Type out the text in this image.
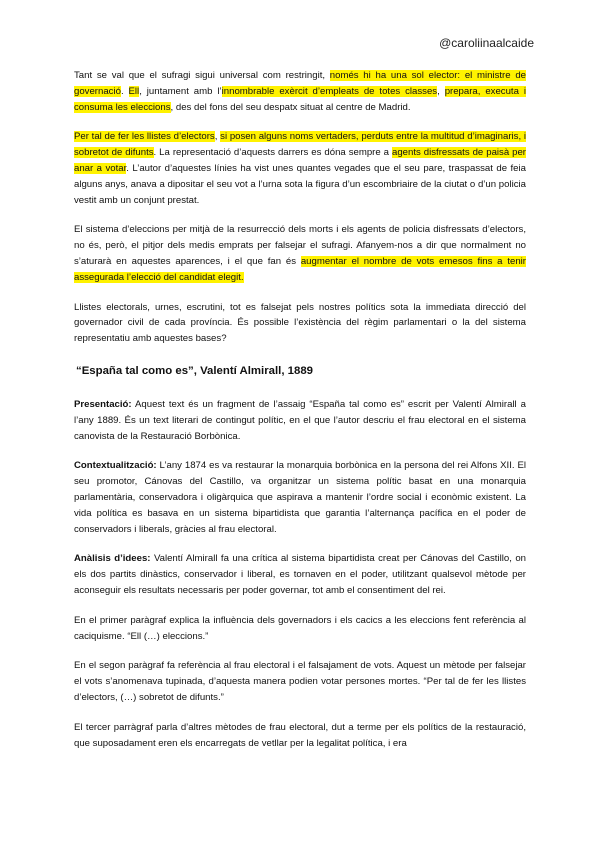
@caroliinaalcaide

Tant se val que el sufragi sigui universal com restringit, només hi ha una sol elector: el ministre de governació. Ell, juntament amb l’innombrable exèrcit d’empleats de totes classes, prepara, executa i consuma les eleccions, des del fons del seu despatx situat al centre de Madrid.

Per tal de fer les llistes d’electors, si posen alguns noms vertaders, perduts entre la multitud d’imaginaris, i sobretot de difunts. La representació d’aquests darrers es dóna sempre a agents disfressats de paisà per anar a votar. L’autor d’aquestes línies ha vist unes quantes vegades que el seu pare, traspassat de feia alguns anys, anava a dipositar el seu vot a l’urna sota la figura d’un escombriaire de la ciutat o d’un policia vestit amb un conjunt prestat.

El sistema d’eleccions per mitjà de la resurrecció dels morts i els agents de policia disfressats d’electors, no és, però, el pitjor dels medis emprats per falsejar el sufragi. Afanyem-nos a dir que normalment no s’aturarà en aquestes aparences, i el que fan és augmentar el nombre de vots emesos fins a tenir assegurada l’elecció del candidat elegit.

Llistes electorals, urnes, escrutini, tot es falsejat pels nostres polítics sota la immediata direcció del governador civil de cada província. És possible l’existència del règim parlamentari o la del sistema representatiu amb aquestes bases?

“España tal como es”, Valentí Almirall, 1889

Presentació: Aquest text és un fragment de l’assaig “España tal como es” escrit per Valentí Almirall a l’any 1889. És un text literari de contingut polític, en el que l’autor descriu el frau electoral en el sistema canovista de la Restauració Borbònica.

Contextualització: L’any 1874 es va restaurar la monarquia borbònica en la persona del rei Alfons XII. El seu promotor, Cánovas del Castillo, va organitzar un sistema polític basat en una monarquia parlamentària, conservadora i oligàrquica que aspirava a mantenir l’ordre social i econòmic existent. La vida política es basava en un sistema bipartidista que garantia l’alternança pacífica en el poder de conservadors i liberals, gràcies al frau electoral.

Anàlisis d’idees: Valentí Almirall fa una crítica al sistema bipartidista creat per Cánovas del Castillo, on els dos partits dinàstics, conservador i liberal, es tornaven en el poder, utilitzant qualsevol mètode per aconseguir els resultats necessaris per poder governar, tot amb el consentiment del rei.

En el primer paràgraf explica la influència dels governadors i els cacics a les eleccions fent referència al caciquisme. “Ell (…) eleccions.”

En el segon paràgraf fa referència al frau electoral i el falsajament de vots. Aquest un mètode per falsejar el vots s’anomenava tupinada, d’aquesta manera podien votar persones mortes. “Per tal de fer les llistes d’electors, (…) sobretot de difunts.”

El tercer parràgraf parla d’altres mètodes de frau electoral, dut a terme per els polítics de la restauració, que suposadament eren els encarregats de vetllar per la legalitat política, i era
